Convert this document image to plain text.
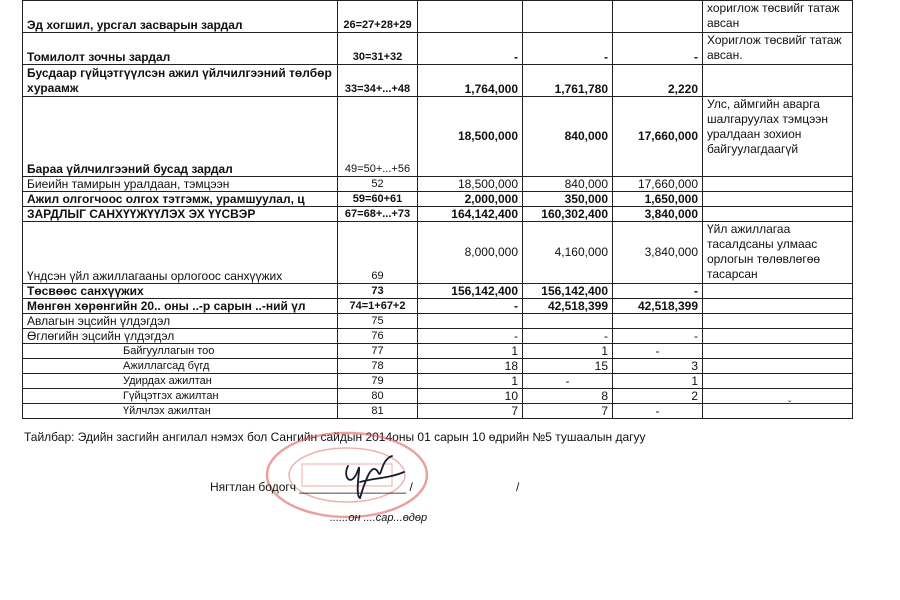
Эд хогшил, урсгал засварын зардал	26=27+28+29				хориглож төсвийг татаж авсан
Томилолт зочны зардал	30=31+32	-	-	-	Хориглож төсвийг татаж авсан.
Бусдаар гүйцэтгүүлсэн ажил үйлчилгээний төлбөр хураамж	33=34+...+48	1,764,000	1,761,780	2,220	
Бараа үйлчилгээний бусад зардал	49=50+...+56	18,500,000	840,000	17,660,000	Улс, аймгийн аварга шалгаруулах тэмцээн уралдаан зохион байгуулагдаагүй
Биеийн тамирын уралдаан, тэмцээн	52	18,500,000	840,000	17,660,000	
Ажил олгогчоос олгох тэтгэмж, урамшуулал, ц	59=60+61	2,000,000	350,000	1,650,000	
ЗАРДЛЫГ САНХҮҮЖҮҮЛЭХ ЭХ ҮҮСВЭР	67=68+...+73	164,142,400	160,302,400	3,840,000	
Үндсэн үйл ажиллагааны орлогоос санхүүжих	69	8,000,000	4,160,000	3,840,000	Үйл ажиллагаа тасалдсаны улмаас орлогын төлөвлөгөө тасарсан
Төсвөөс санхүүжих	73	156,142,400	156,142,400	-	
Мөнгөн хөрөнгийн 20.. оны ..-р сарын ..-ний үл	74=1+67+2	-	42,518,399	42,518,399	
Авлагын эцсийн үлдэгдэл	75				
Өглөгийн эцсийн үлдэгдэл	76	-	-	-	
Байгууллагын тоо	77	1	1	-	
Ажиллагсад бүгд	78	18	15	3	
Удирдах ажилтан	79	1	-	1	
Гүйцэтгэх ажилтан	80	10	8	2	
Үйлчлэх ажилтан	81	7	7	-	
Тайлбар: Эдийн засгийн ангилал нэмэх бол Сангийн сайдын 2014оны 01 сарын 10 өдрийн №5 тушаалын дагуу
Нягтлан бодогч ________________ /	/
......он ....сар...өдөр
ˇ
